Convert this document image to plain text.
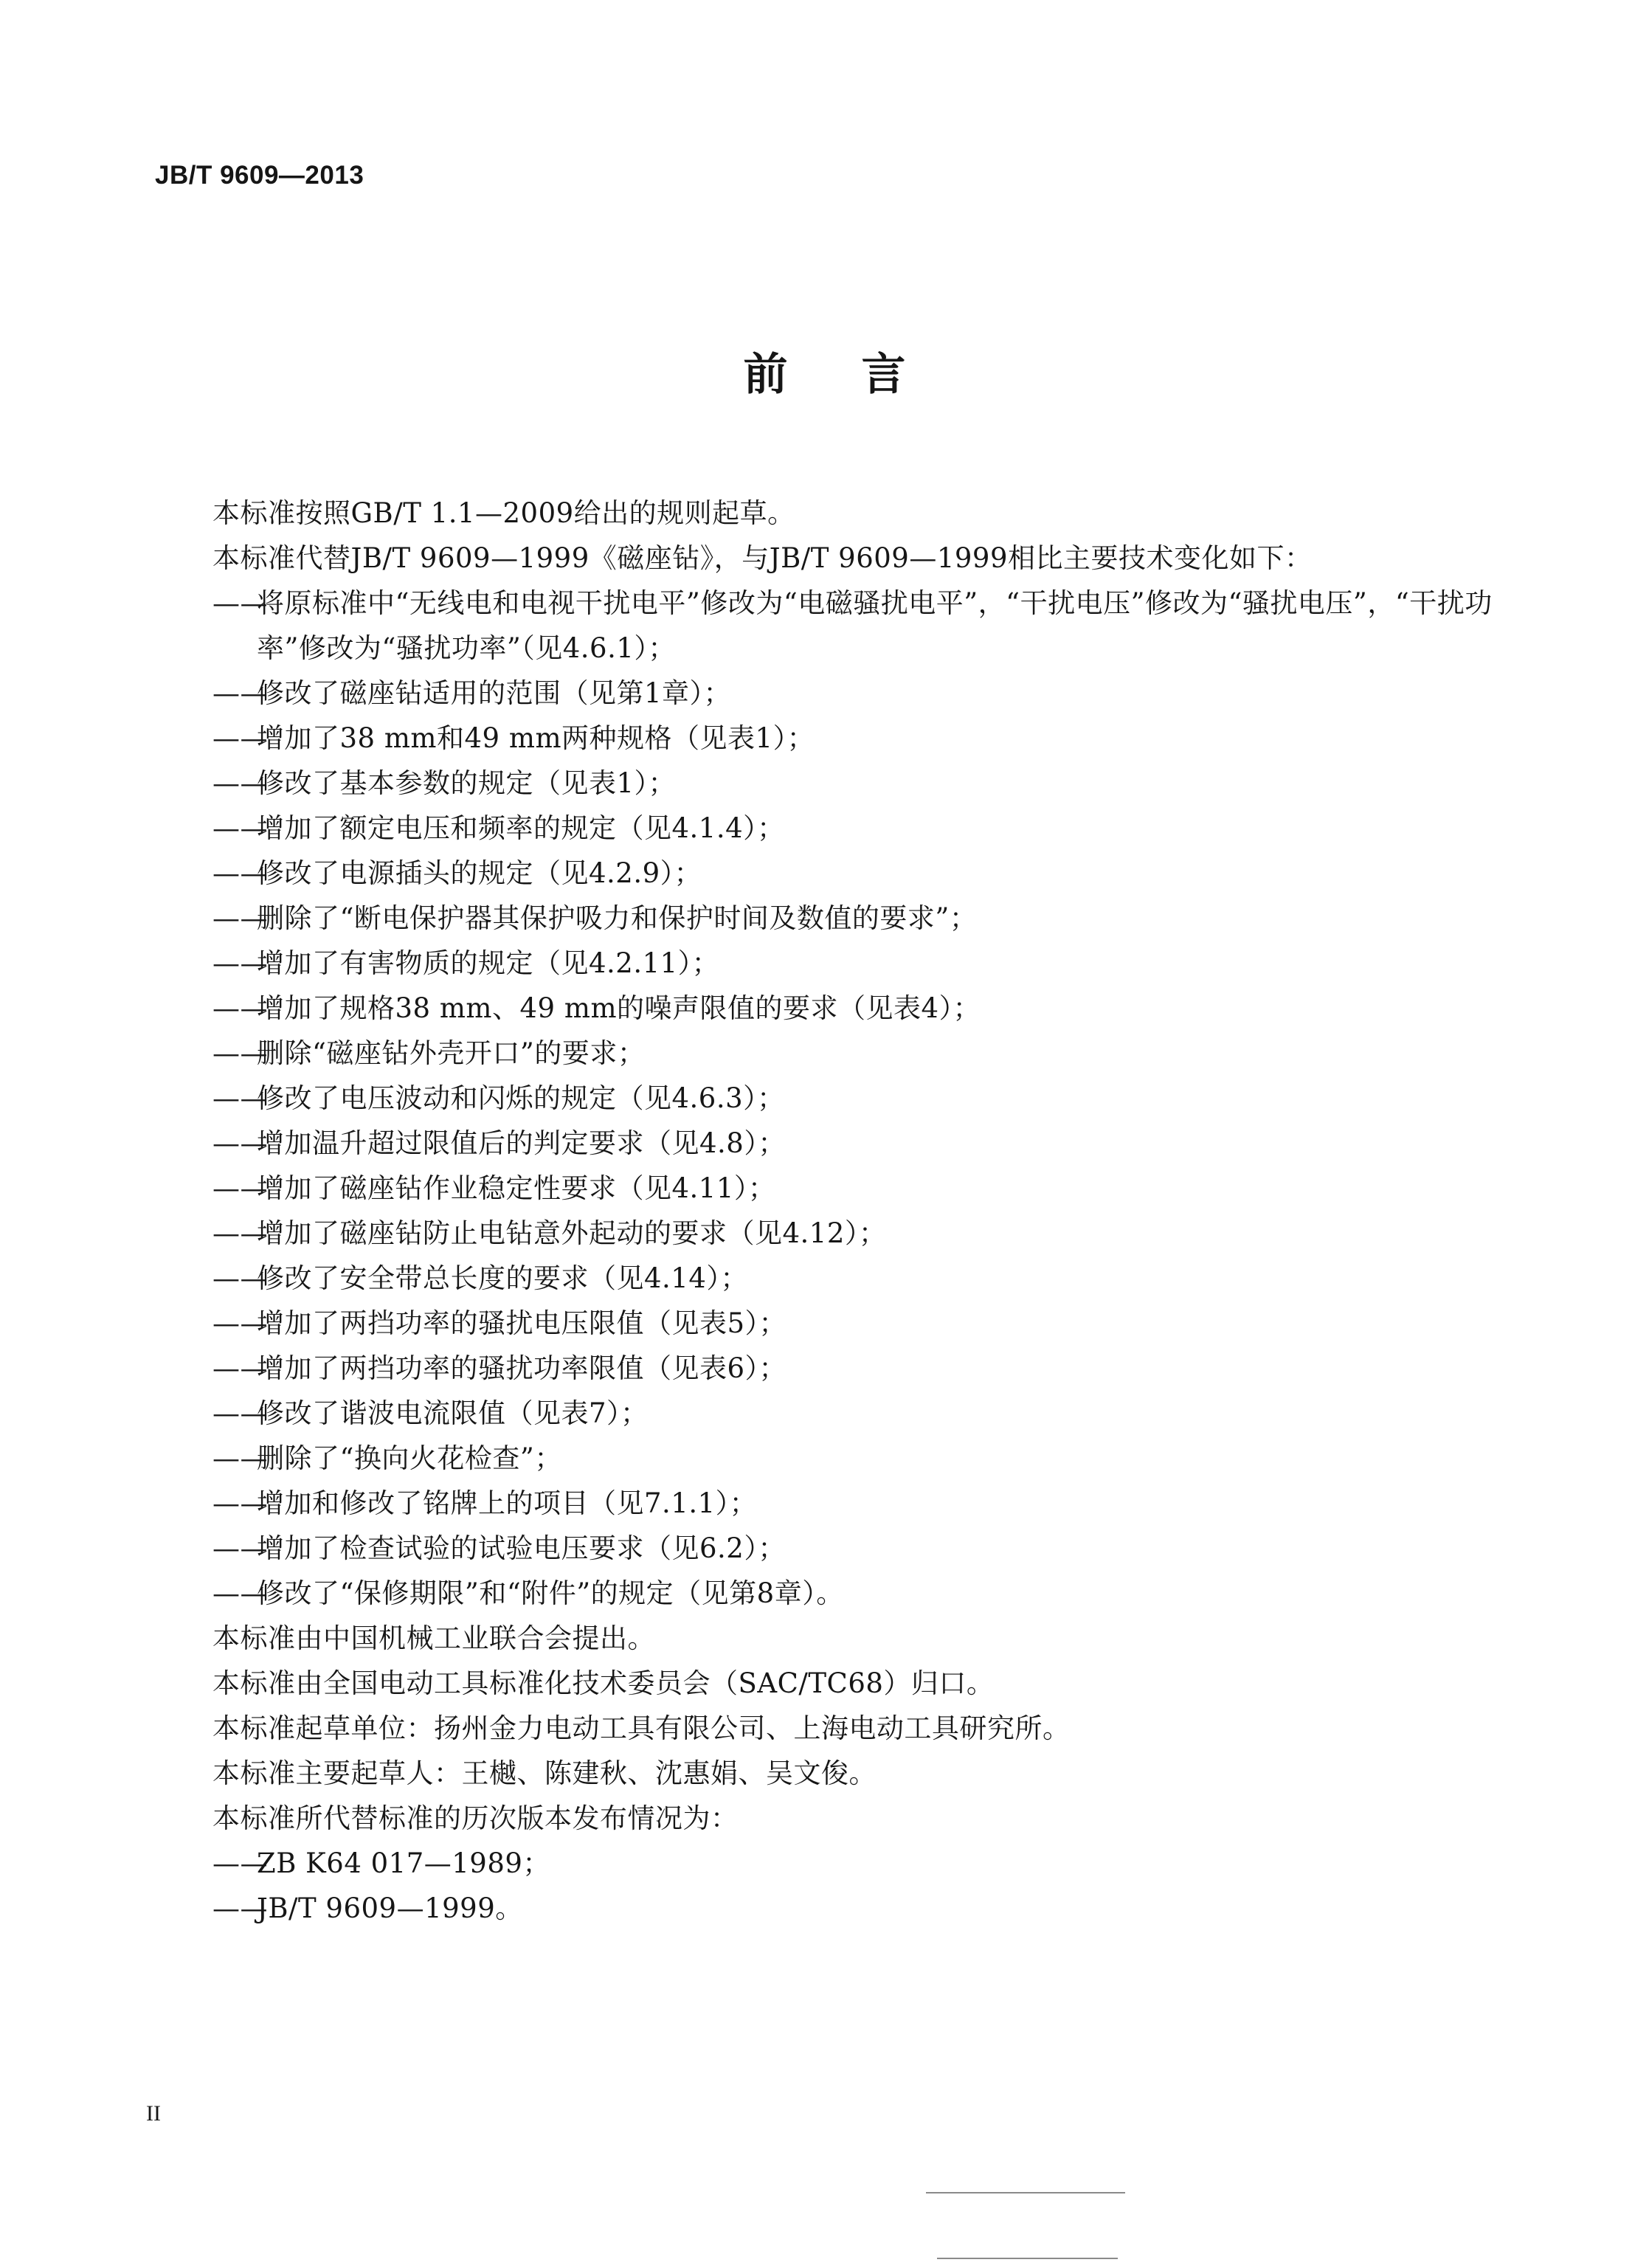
JB/T 9609—2013
前言

本标准按照GB/T 1.1—2009给出的规则起草。

本标准代替JB/T 9609—1999《磁座钻》，与JB/T 9609—1999相比主要技术变化如下：

——将原标准中“无线电和电视干扰电平”修改为“电磁骚扰电平”，“干扰电压”修改为“骚扰电压”，“干扰功率”修改为“骚扰功率”（见4.6.1）；

——修改了磁座钻适用的范围（见第1章）；

——增加了38 mm和49 mm两种规格（见表1）；

——修改了基本参数的规定（见表1）；

——增加了额定电压和频率的规定（见4.1.4）；

——修改了电源插头的规定（见4.2.9）；

——删除了“断电保护器其保护吸力和保护时间及数值的要求”；

——增加了有害物质的规定（见4.2.11）；

——增加了规格38 mm、49 mm的噪声限值的要求（见表4）；

——删除“磁座钻外壳开口”的要求；

——修改了电压波动和闪烁的规定（见4.6.3）；

——增加温升超过限值后的判定要求（见4.8）；

——增加了磁座钻作业稳定性要求（见4.11）；

——增加了磁座钻防止电钻意外起动的要求（见4.12）；

——修改了安全带总长度的要求（见4.14）；

——增加了两挡功率的骚扰电压限值（见表5）；

——增加了两挡功率的骚扰功率限值（见表6）；

——修改了谐波电流限值（见表7）；

——删除了“换向火花检查”；

——增加和修改了铭牌上的项目（见7.1.1）；

——增加了检查试验的试验电压要求（见6.2）；

——修改了“保修期限”和“附件”的规定（见第8章）。

本标准由中国机械工业联合会提出。

本标准由全国电动工具标准化技术委员会（SAC/TC68）归口。

本标准起草单位：扬州金力电动工具有限公司、上海电动工具研究所。

本标准主要起草人：王樾、陈建秋、沈惠娟、吴文俊。

本标准所代替标准的历次版本发布情况为：

——ZB K64 017—1989；

——JB/T 9609—1999。

II
